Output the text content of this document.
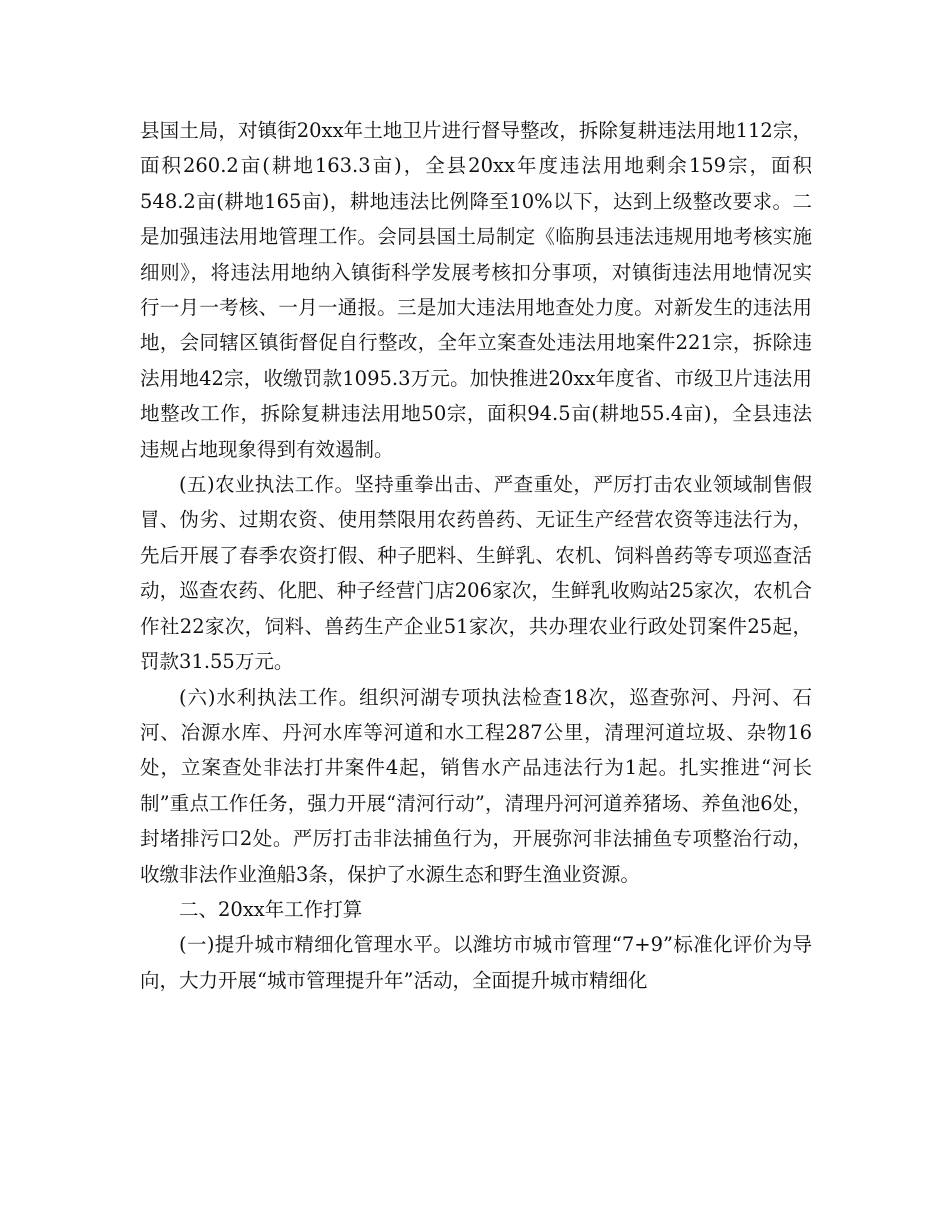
县国土局，对镇街20xx年土地卫片进行督导整改，拆除复耕违法用地112宗，面积260.2亩(耕地163.3亩)，全县20xx年度违法用地剩余159宗，面积548.2亩(耕地165亩)，耕地违法比例降至10%以下，达到上级整改要求。二是加强违法用地管理工作。会同县国土局制定《临朐县违法违规用地考核实施细则》，将违法用地纳入镇街科学发展考核扣分事项，对镇街违法用地情况实行一月一考核、一月一通报。三是加大违法用地查处力度。对新发生的违法用地，会同辖区镇街督促自行整改，全年立案查处违法用地案件221宗，拆除违法用地42宗，收缴罚款1095.3万元。加快推进20xx年度省、市级卫片违法用地整改工作，拆除复耕违法用地50宗，面积94.5亩(耕地55.4亩)，全县违法违规占地现象得到有效遏制。

(五)农业执法工作。坚持重拳出击、严查重处，严厉打击农业领域制售假冒、伪劣、过期农资、使用禁限用农药兽药、无证生产经营农资等违法行为，先后开展了春季农资打假、种子肥料、生鲜乳、农机、饲料兽药等专项巡查活动，巡查农药、化肥、种子经营门店206家次，生鲜乳收购站25家次，农机合作社22家次，饲料、兽药生产企业51家次，共办理农业行政处罚案件25起，罚款31.55万元。

(六)水利执法工作。组织河湖专项执法检查18次，巡查弥河、丹河、石河、冶源水库、丹河水库等河道和水工程287公里，清理河道垃圾、杂物16处，立案查处非法打井案件4起，销售水产品违法行为1起。扎实推进“河长制”重点工作任务，强力开展“清河行动”，清理丹河河道养猪场、养鱼池6处，封堵排污口2处。严厉打击非法捕鱼行为，开展弥河非法捕鱼专项整治行动，收缴非法作业渔船3条，保护了水源生态和野生渔业资源。

二、20xx年工作打算

(一)提升城市精细化管理水平。以潍坊市城市管理“7+9”标准化评价为导向，大力开展“城市管理提升年”活动，全面提升城市精细化
